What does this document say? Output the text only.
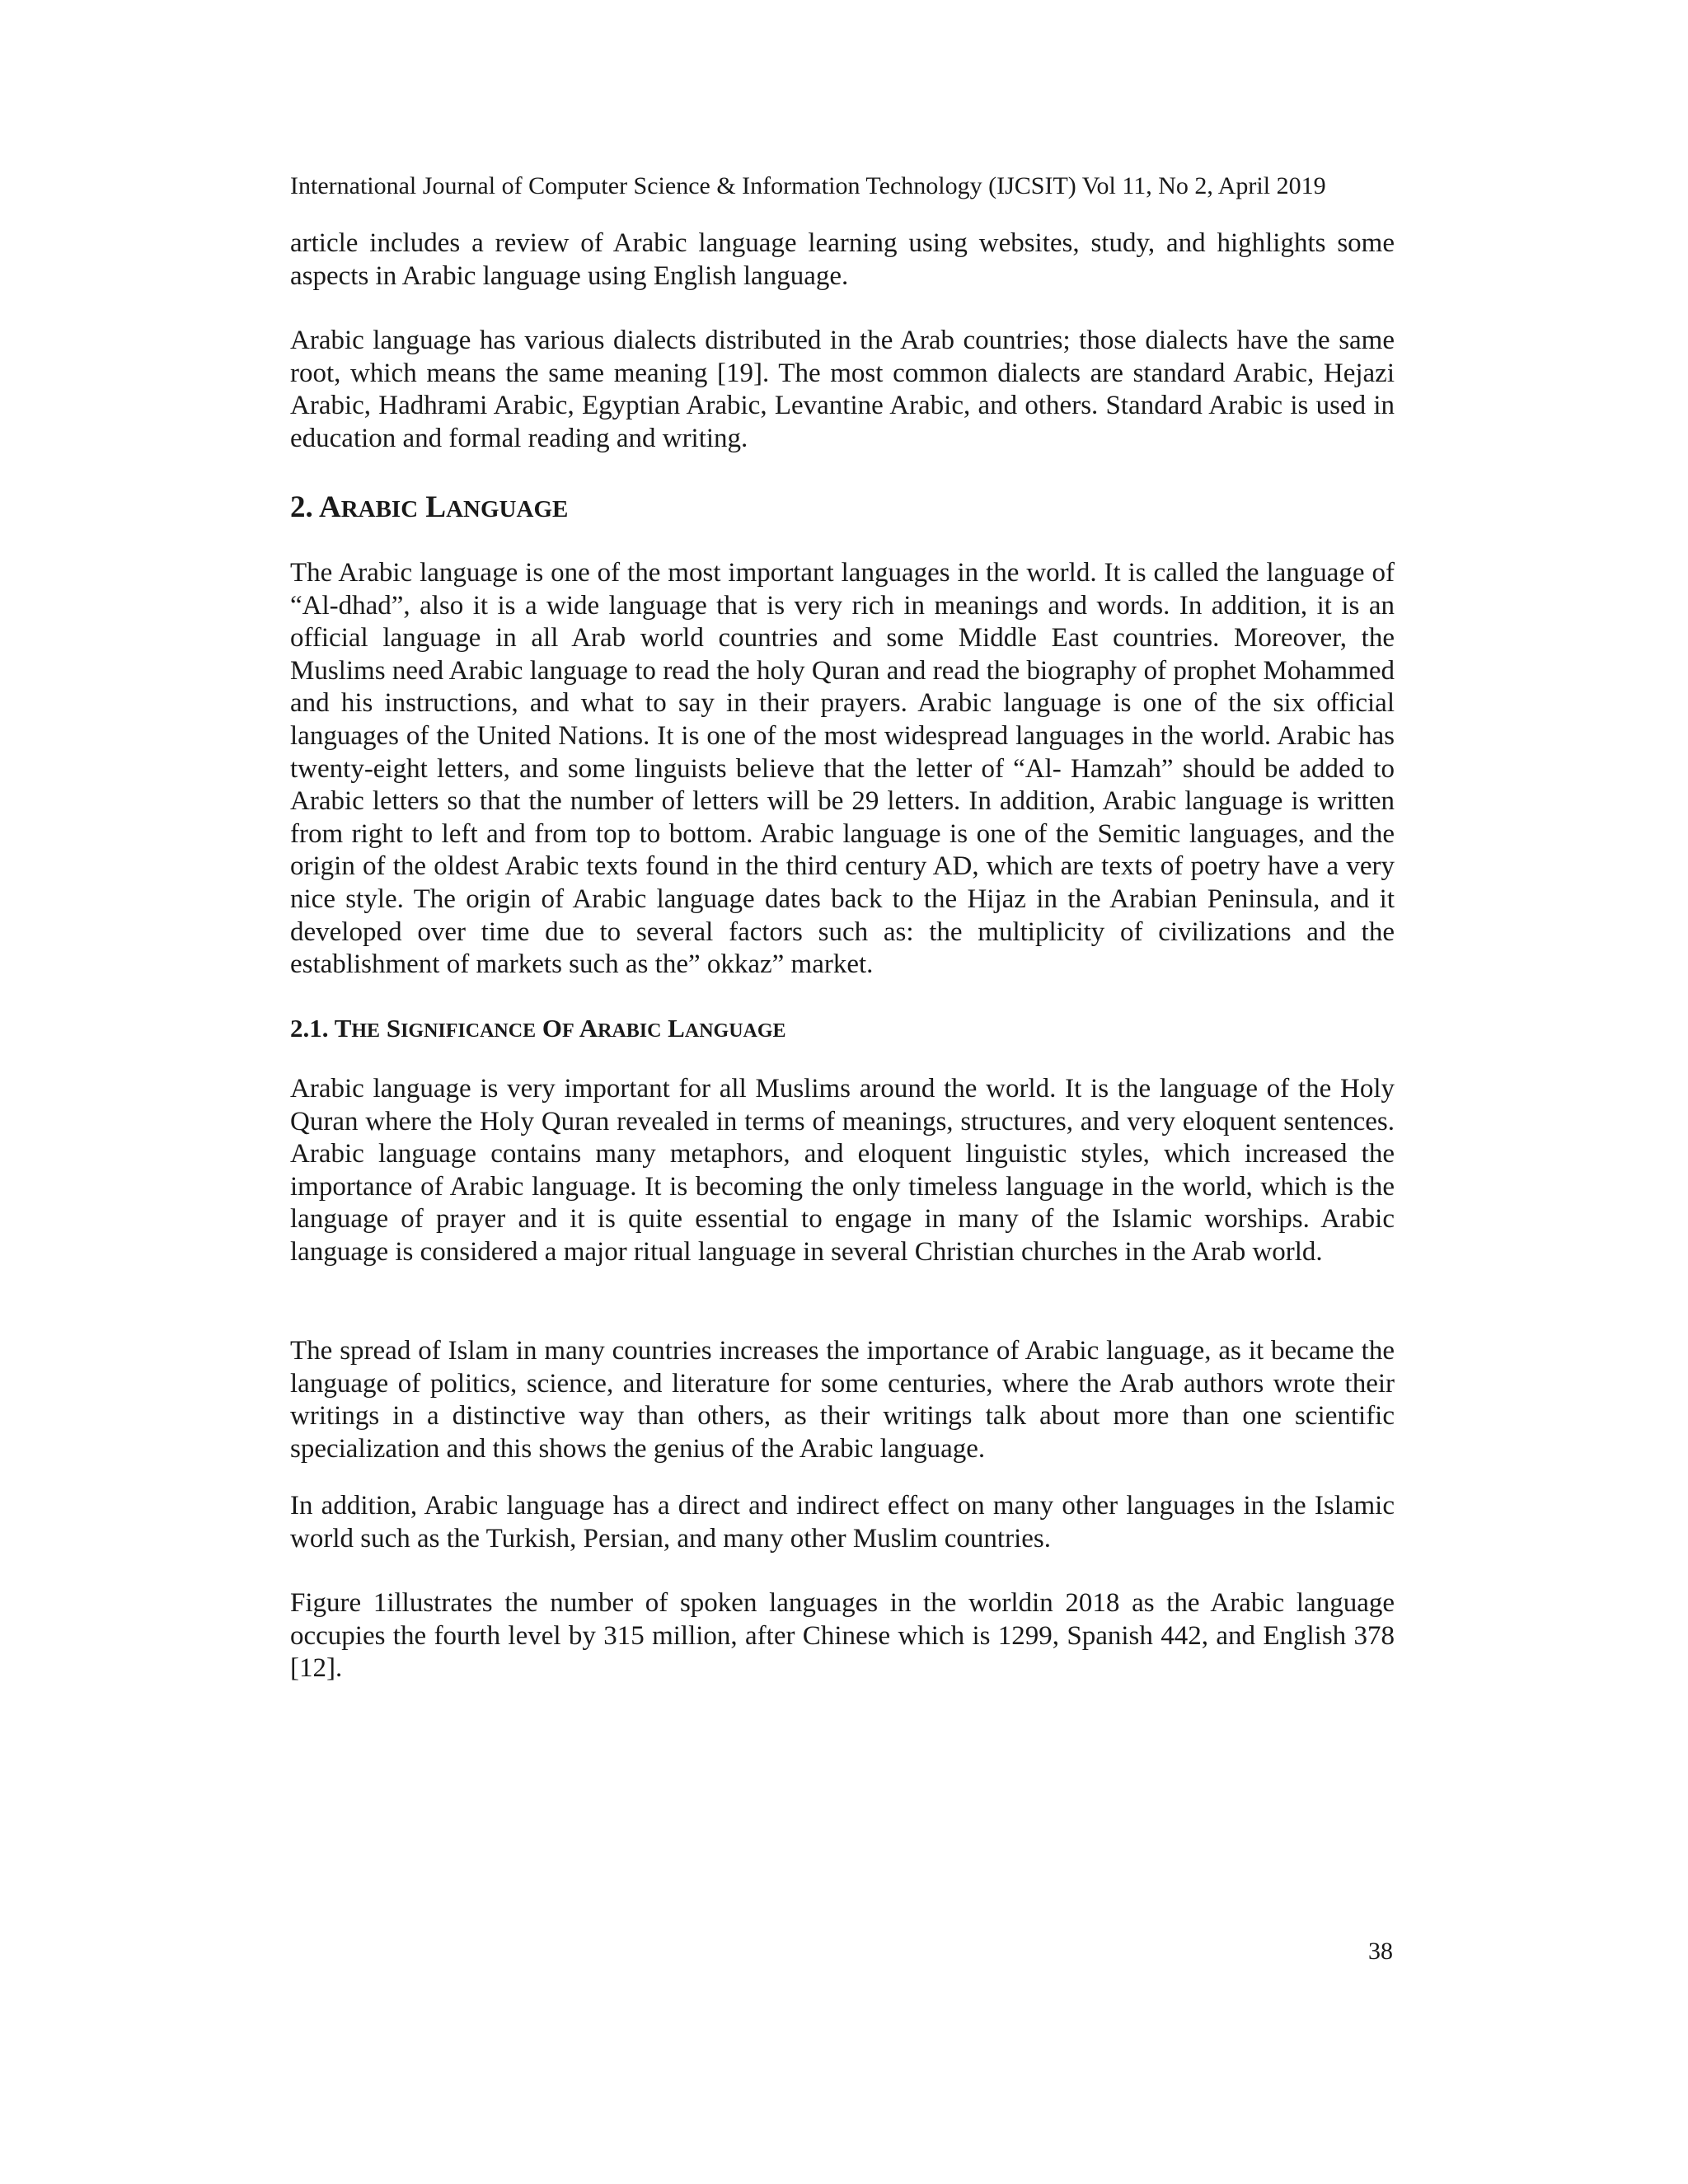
International Journal of Computer Science & Information Technology (IJCSIT) Vol 11, No 2, April 2019

article includes a review of Arabic language learning using websites, study, and highlights some aspects in Arabic language using English language.

Arabic language has various dialects distributed in the Arab countries; those dialects have the same root, which means the same meaning [19]. The most common dialects are standard Arabic, Hejazi Arabic, Hadhrami Arabic, Egyptian Arabic, Levantine Arabic, and others. Standard Arabic is used in education and formal reading and writing.

2. ARABIC LANGUAGE

The Arabic language is one of the most important languages in the world. It is called the language of “Al-dhad”, also it is a wide language that is very rich in meanings and words. In addition, it is an official language in all Arab world countries and some Middle East countries. Moreover, the Muslims need Arabic language to read the holy Quran and read the biography of prophet Mohammed and his instructions, and what to say in their prayers. Arabic language is one of the six official languages of the United Nations. It is one of the most widespread languages in the world. Arabic has twenty-eight letters, and some linguists believe that the letter of “Al- Hamzah” should be added to Arabic letters so that the number of letters will be 29 letters. In addition, Arabic language is written from right to left and from top to bottom. Arabic language is one of the Semitic languages, and the origin of the oldest Arabic texts found in the third century AD, which are texts of poetry have a very nice style. The origin of Arabic language dates back to the Hijaz in the Arabian Peninsula, and it developed over time due to several factors such as: the multiplicity of civilizations and the establishment of markets such as the” okkaz” market.

2.1. THE SIGNIFICANCE OF ARABIC LANGUAGE

Arabic language is very important for all Muslims around the world. It is the language of the Holy Quran where the Holy Quran revealed in terms of meanings, structures, and very eloquent sentences. Arabic language contains many metaphors, and eloquent linguistic styles, which increased the importance of Arabic language. It is becoming the only timeless language in the world, which is the language of prayer and it is quite essential to engage in many of the Islamic worships. Arabic language is considered a major ritual language in several Christian churches in the Arab world.

The spread of Islam in many countries increases the importance of Arabic language, as it became the language of politics, science, and literature for some centuries, where the Arab authors wrote their writings in a distinctive way than others, as their writings talk about more than one scientific specialization and this shows the genius of the Arabic language.

In addition, Arabic language has a direct and indirect effect on many other languages in the Islamic world such as the Turkish, Persian, and many other Muslim countries.

Figure 1illustrates the number of spoken languages in the worldin 2018 as the Arabic language occupies the fourth level by 315 million, after Chinese which is 1299, Spanish 442, and English 378 [12].

38
